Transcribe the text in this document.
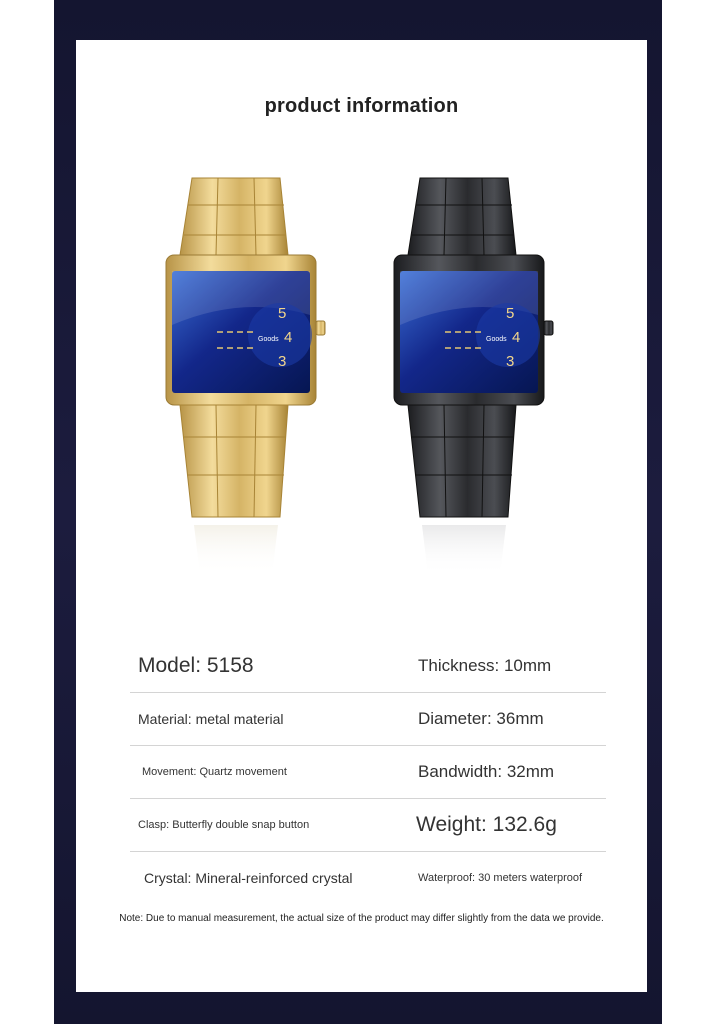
product information
5
4
3
Goods
5
4
3
Goods
Model: 5158	Thickness: 10mm
Material: metal material	Diameter: 36mm
Movement: Quartz movement	Bandwidth: 32mm
Clasp: Butterfly double snap button	Weight: 132.6g
Crystal: Mineral-reinforced crystal	Waterproof: 30 meters waterproof
Note: Due to manual measurement, the actual size of the product may differ slightly from the data we provide.
